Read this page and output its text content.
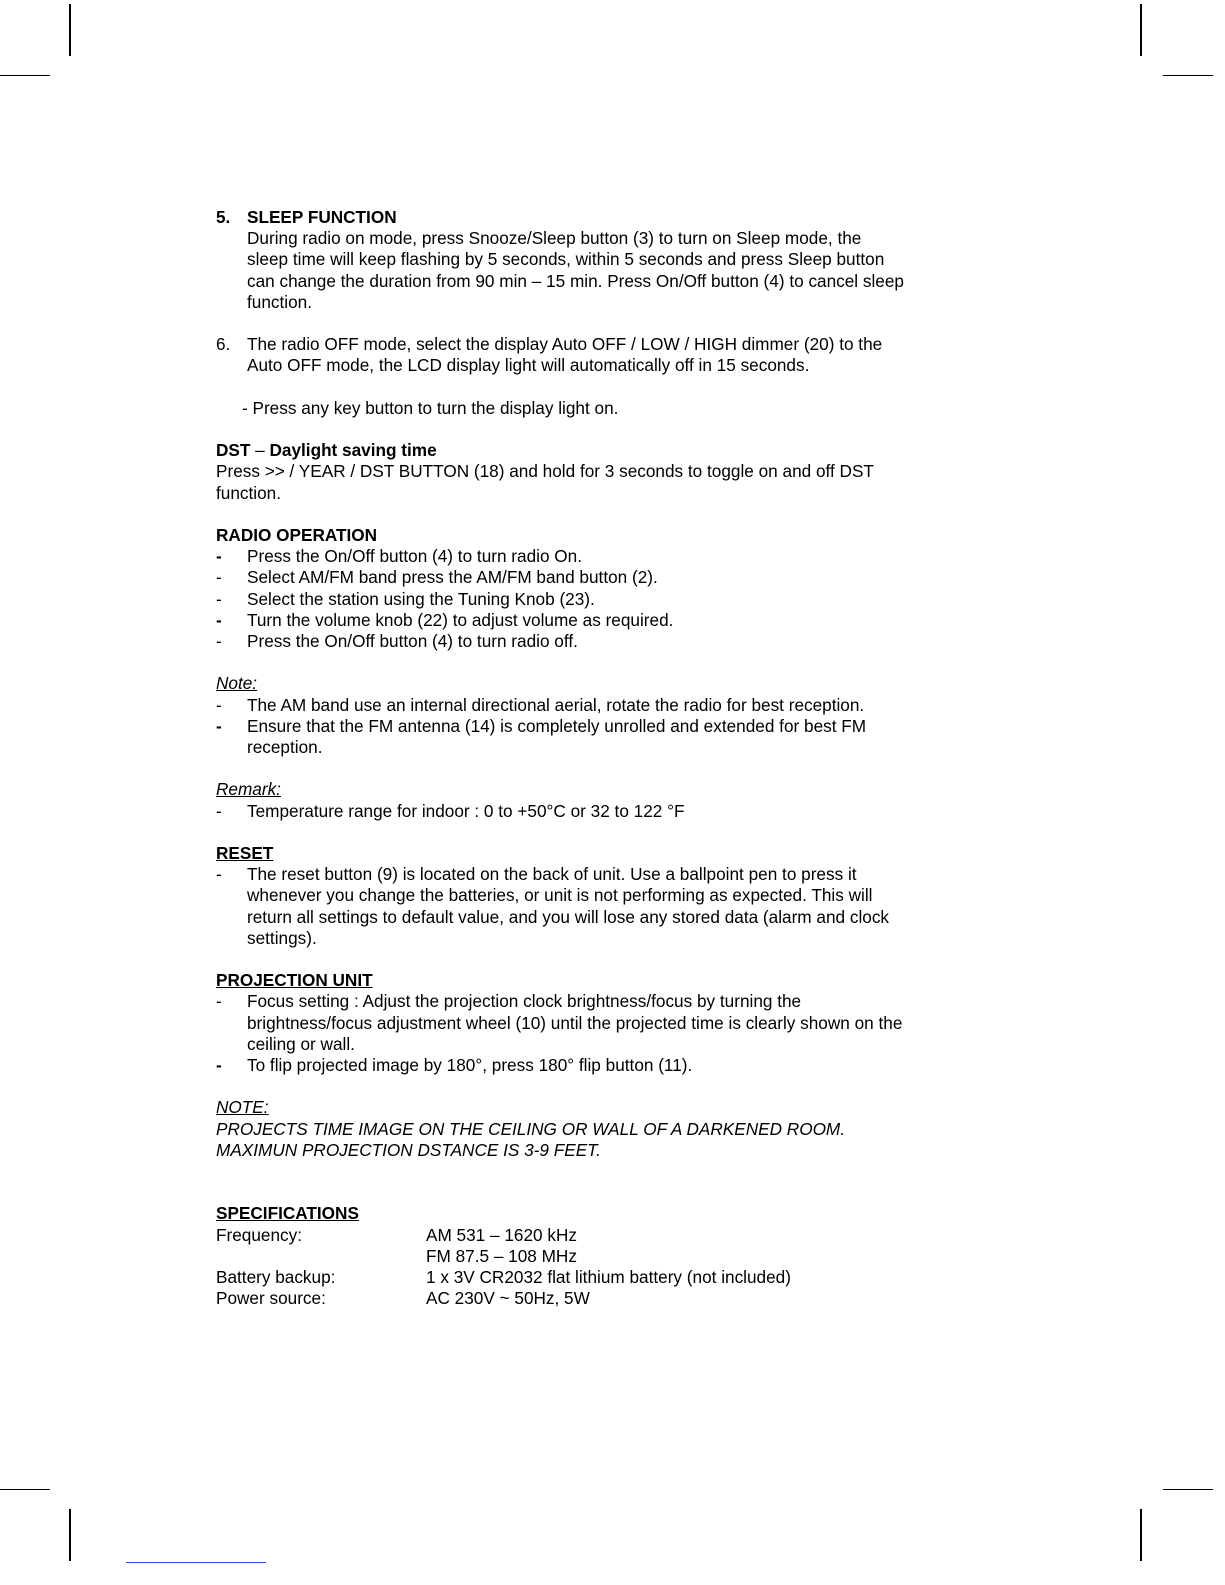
5. SLEEP FUNCTION
During radio on mode, press Snooze/Sleep button (3) to turn on Sleep mode, the
sleep time will keep flashing by 5 seconds, within 5 seconds and press Sleep button
can change the duration from 90 min – 15 min. Press On/Off button (4) to cancel sleep
function.
6. The radio OFF mode, select the display Auto OFF / LOW / HIGH dimmer (20) to the
Auto OFF mode, the LCD display light will automatically off in 15 seconds.
- Press any key button to turn the display light on.
DST – Daylight saving time
Press >> / YEAR / DST BUTTON (18) and hold for 3 seconds to toggle on and off DST
function.
RADIO OPERATION
-	Press the On/Off button (4) to turn radio On.
-	Select AM/FM band press the AM/FM band button (2).
-	Select the station using the Tuning Knob (23).
-	Turn the volume knob (22) to adjust volume as required.
-	Press the On/Off button (4) to turn radio off.
Note:
-	The AM band use an internal directional aerial, rotate the radio for best reception.
-	Ensure that the FM antenna (14) is completely unrolled and extended for best FM
reception.
Remark:
-	Temperature range for indoor : 0 to +50°C or 32 to 122 °F
RESET
-	The reset button (9) is located on the back of unit. Use a ballpoint pen to press it
whenever you change the batteries, or unit is not performing as expected. This will
return all settings to default value, and you will lose any stored data (alarm and clock
settings).
PROJECTION UNIT
-	Focus setting : Adjust the projection clock brightness/focus by turning the
brightness/focus adjustment wheel (10) until the projected time is clearly shown on the
ceiling or wall.
-	To flip projected image by 180°, press 180° flip button (11).
NOTE:
PROJECTS TIME IMAGE ON THE CEILING OR WALL OF A DARKENED ROOM.
MAXIMUN PROJECTION DSTANCE IS 3-9 FEET.
SPECIFICATIONS
Frequency:	AM 531 – 1620 kHz
FM 87.5 – 108 MHz
Battery backup:	1 x 3V CR2032 flat lithium battery (not included)
Power source:	AC 230V ~ 50Hz, 5W
